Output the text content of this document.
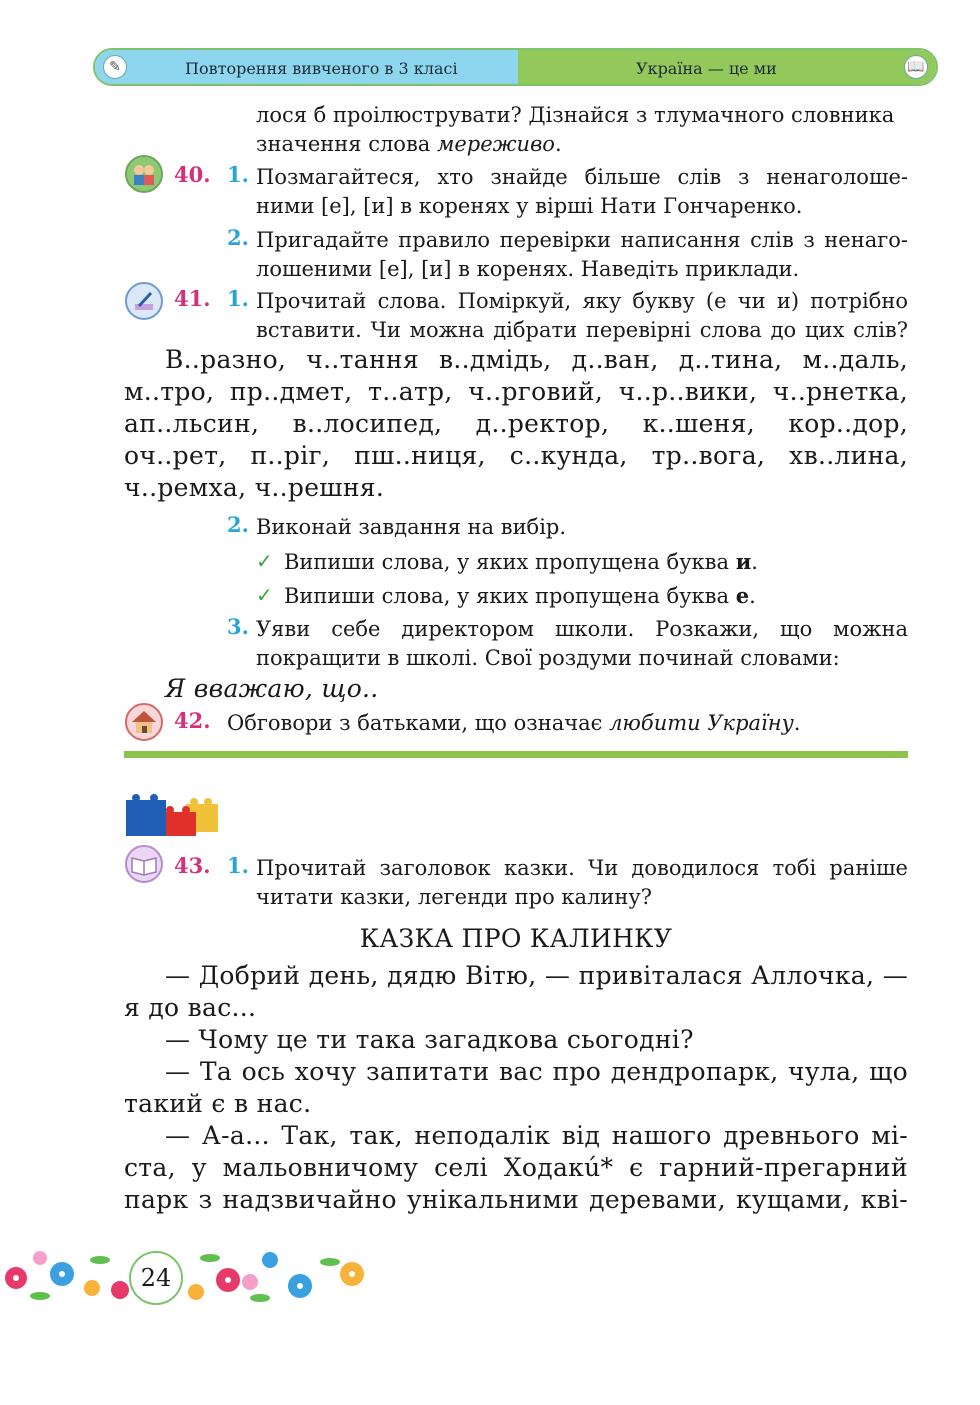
✎	Повторення вивченого в 3 класі	Україна — це ми	📖
лося б проілюструвати? Дізнайся з тлумачного словника
значення слова мереживо.
40. 1. Позмагайтеся, хто знайде більше слів з ненаголоше-
ними [е], [и] в коренях у вірші Нати Гончаренко.
2. Пригадайте правило перевірки написання слів з ненаго-
лошеними [е], [и] в коренях. Наведіть приклади.
41. 1. Прочитай слова. Поміркуй, яку букву (е чи и) потрібно
вставити. Чи можна дібрати перевірні слова до цих слів?
В..разно, ч..тання в..дмідь, д..ван, д..тина, м..даль,
м..тро, пр..дмет, т..атр, ч..рговий, ч..р..вики, ч..рнетка,
ап..льсин, в..лосипед, д..ректор, к..шеня, кор..дор,
оч..рет, п..ріг, пш..ниця, с..кунда, тр..вога, хв..лина,
ч..ремха, ч..решня.
2. Виконай завдання на вибір.
✓ Випиши слова, у яких пропущена буква и.
✓ Випиши слова, у яких пропущена буква е.
3. Уяви себе директором школи. Розкажи, що можна
покращити в школі. Свої роздуми починай словами:
Я вважаю, що..
42. Обговори з батьками, що означає любити Україну.
43. 1. Прочитай заголовок казки. Чи доводилося тобі раніше
читати казки, легенди про калину?
КАЗКА ПРО КАЛИНКУ
— Добрий день, дядю Вітю, — привіталася Аллочка, —
я до вас...
— Чому це ти така загадкова сьогодні?
— Та ось хочу запитати вас про дендропарк, чула, що
такий є в нас.
— А-а... Так, так, неподалік від нашого древнього мі-
ста, у мальовничому селі Ходакú* є гарний-прегарний
парк з надзвичайно унікальними деревами, кущами, кві-
24
